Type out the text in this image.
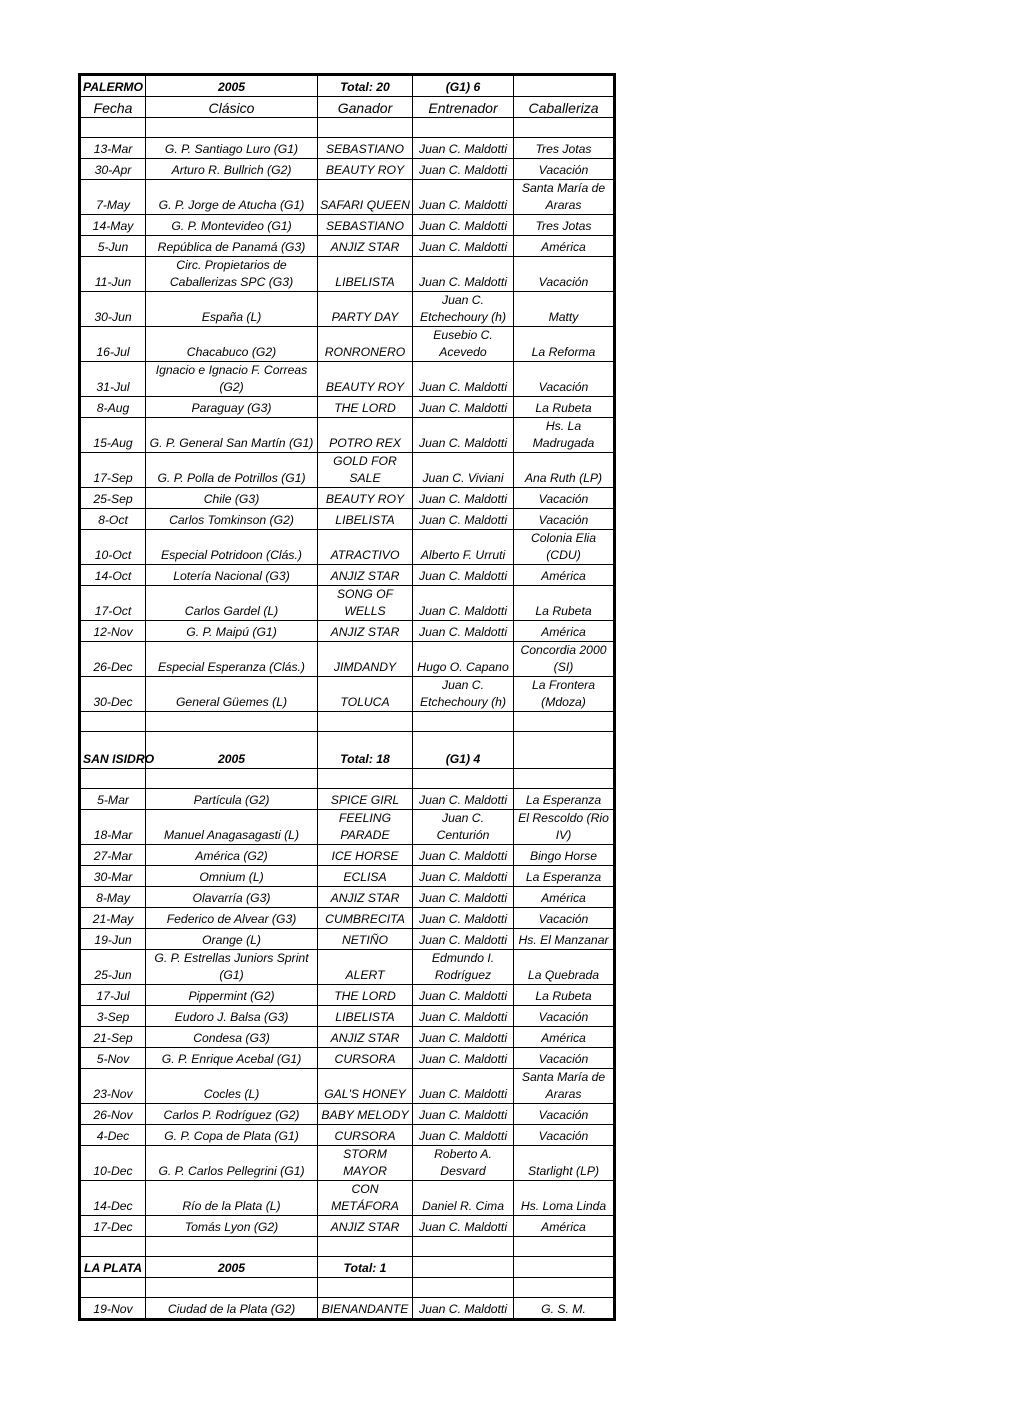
PALERMO	2005	Total: 20	(G1) 6	
Fecha	Clásico	Ganador	Entrenador	Caballeriza

13-Mar	G. P. Santiago Luro (G1)	SEBASTIANO	Juan C. Maldotti	Tres Jotas
30-Apr	Arturo R. Bullrich (G2)	BEAUTY ROY	Juan C. Maldotti	Vacación
7-May	G. P. Jorge de Atucha (G1)	SAFARI QUEEN	Juan C. Maldotti	Santa María de Araras
14-May	G. P. Montevideo (G1)	SEBASTIANO	Juan C. Maldotti	Tres Jotas
5-Jun	República de Panamá (G3)	ANJIZ STAR	Juan C. Maldotti	América
11-Jun	Circ. Propietarios de Caballerizas SPC (G3)	LIBELISTA	Juan C. Maldotti	Vacación
30-Jun	España (L)	PARTY DAY	Juan C. Etchechoury (h)	Matty
16-Jul	Chacabuco (G2)	RONRONERO	Eusebio C. Acevedo	La Reforma
31-Jul	Ignacio e Ignacio F. Correas (G2)	BEAUTY ROY	Juan C. Maldotti	Vacación
8-Aug	Paraguay (G3)	THE LORD	Juan C. Maldotti	La Rubeta
15-Aug	G. P. General San Martín (G1)	POTRO REX	Juan C. Maldotti	Hs. La Madrugada
17-Sep	G. P. Polla de Potrillos (G1)	GOLD FOR SALE	Juan C. Viviani	Ana Ruth (LP)
25-Sep	Chile (G3)	BEAUTY ROY	Juan C. Maldotti	Vacación
8-Oct	Carlos Tomkinson (G2)	LIBELISTA	Juan C. Maldotti	Vacación
10-Oct	Especial Potridoon (Clás.)	ATRACTIVO	Alberto F. Urruti	Colonia Elia (CDU)
14-Oct	Lotería Nacional (G3)	ANJIZ STAR	Juan C. Maldotti	América
17-Oct	Carlos Gardel (L)	SONG OF WELLS	Juan C. Maldotti	La Rubeta
12-Nov	G. P. Maipú (G1)	ANJIZ STAR	Juan C. Maldotti	América
26-Dec	Especial Esperanza (Clás.)	JIMDANDY	Hugo O. Capano	Concordia 2000 (SI)
30-Dec	General Güemes (L)	TOLUCA	Juan C. Etchechoury (h)	La Frontera (Mdoza)

SAN ISIDRO	2005	Total: 18	(G1) 4	

5-Mar	Partícula (G2)	SPICE GIRL	Juan C. Maldotti	La Esperanza
18-Mar	Manuel Anagasagasti (L)	FEELING PARADE	Juan C. Centurión	El Rescoldo (Rio IV)
27-Mar	América (G2)	ICE HORSE	Juan C. Maldotti	Bingo Horse
30-Mar	Omnium (L)	ECLISA	Juan C. Maldotti	La Esperanza
8-May	Olavarría (G3)	ANJIZ STAR	Juan C. Maldotti	América
21-May	Federico de Alvear (G3)	CUMBRECITA	Juan C. Maldotti	Vacación
19-Jun	Orange (L)	NETIÑO	Juan C. Maldotti	Hs. El Manzanar
25-Jun	G. P. Estrellas Juniors Sprint (G1)	ALERT	Edmundo I. Rodríguez	La Quebrada
17-Jul	Pippermint (G2)	THE LORD	Juan C. Maldotti	La Rubeta
3-Sep	Eudoro J. Balsa (G3)	LIBELISTA	Juan C. Maldotti	Vacación
21-Sep	Condesa (G3)	ANJIZ STAR	Juan C. Maldotti	América
5-Nov	G. P. Enrique Acebal (G1)	CURSORA	Juan C. Maldotti	Vacación
23-Nov	Cocles (L)	GAL'S HONEY	Juan C. Maldotti	Santa María de Araras
26-Nov	Carlos P. Rodríguez (G2)	BABY MELODY	Juan C. Maldotti	Vacación
4-Dec	G. P. Copa de Plata (G1)	CURSORA	Juan C. Maldotti	Vacación
10-Dec	G. P. Carlos Pellegrini (G1)	STORM MAYOR	Roberto A. Desvard	Starlight (LP)
14-Dec	Río de la Plata (L)	CON METÁFORA	Daniel R. Cima	Hs. Loma Linda
17-Dec	Tomás Lyon (G2)	ANJIZ STAR	Juan C. Maldotti	América

LA PLATA	2005	Total: 1		

19-Nov	Ciudad de la Plata (G2)	BIENANDANTE	Juan C. Maldotti	G. S. M.
